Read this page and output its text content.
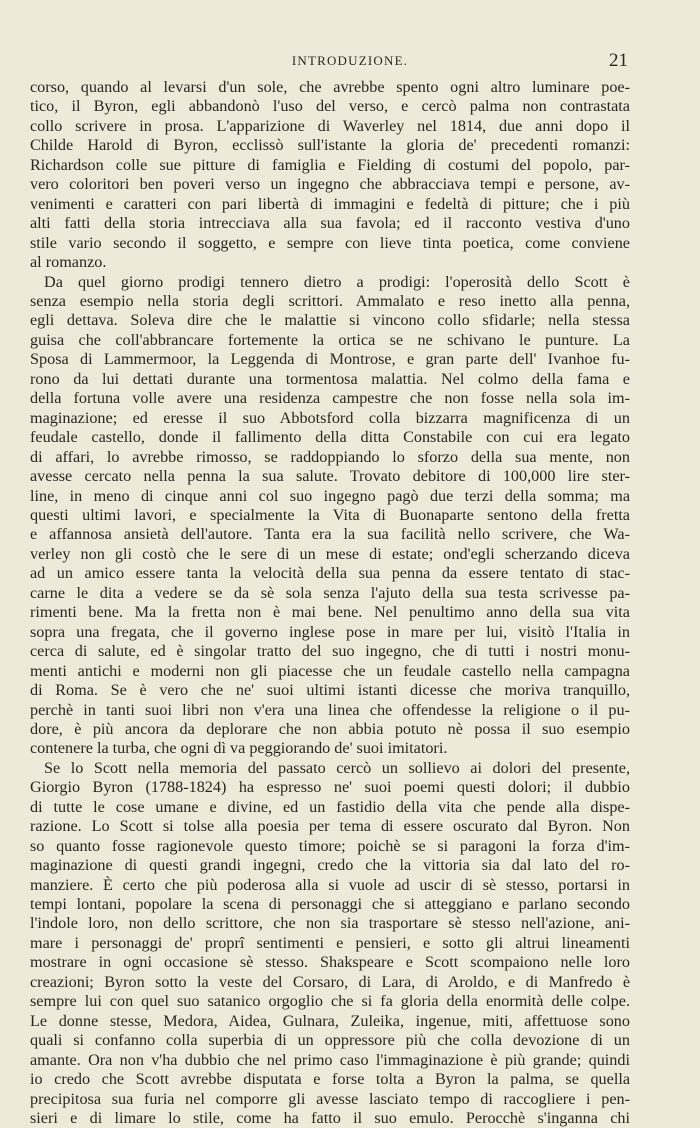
INTRODUZIONE.	21
corso, quando al levarsi d'un sole, che avrebbe spento ogni altro luminare poe-
tico, il Byron, egli abbandonò l'uso del verso, e cercò palma non contrastata
collo scrivere in prosa. L'apparizione di Waverley nel 1814, due anni dopo il
Childe Harold di Byron, ecclissò sull'istante la gloria de' precedenti romanzi:
Richardson colle sue pitture di famiglia e Fielding di costumi del popolo, par-
vero coloritori ben poveri verso un ingegno che abbracciava tempi e persone, av-
venimenti e caratteri con pari libertà di immagini e fedeltà di pitture; che i più
alti fatti della storia intrecciava alla sua favola; ed il racconto vestiva d'uno
stile vario secondo il soggetto, e sempre con lieve tinta poetica, come conviene
al romanzo.
Da quel giorno prodigi tennero dietro a prodigi: l'operosità dello Scott è
senza esempio nella storia degli scrittori. Ammalato e reso inetto alla penna,
egli dettava. Soleva dire che le malattie si vincono collo sfidarle; nella stessa
guisa che coll'abbrancare fortemente la ortica se ne schivano le punture. La
Sposa di Lammermoor, la Leggenda di Montrose, e gran parte dell' Ivanhoe fu-
rono da lui dettati durante una tormentosa malattia. Nel colmo della fama e
della fortuna volle avere una residenza campestre che non fosse nella sola im-
maginazione; ed eresse il suo Abbotsford colla bizzarra magnificenza di un
feudale castello, donde il fallimento della ditta Constabile con cui era legato
di affari, lo avrebbe rimosso, se raddoppiando lo sforzo della sua mente, non
avesse cercato nella penna la sua salute. Trovato debitore di 100,000 lire ster-
line, in meno di cinque anni col suo ingegno pagò due terzi della somma; ma
questi ultimi lavori, e specialmente la Vita di Buonaparte sentono della fretta
e affannosa ansietà dell'autore. Tanta era la sua facilità nello scrivere, che Wa-
verley non gli costò che le sere di un mese di estate; ond'egli scherzando diceva
ad un amico essere tanta la velocità della sua penna da essere tentato di stac-
carne le dita a vedere se da sè sola senza l'ajuto della sua testa scrivesse pa-
rimenti bene. Ma la fretta non è mai bene. Nel penultimo anno della sua vita
sopra una fregata, che il governo inglese pose in mare per lui, visitò l'Italia in
cerca di salute, ed è singolar tratto del suo ingegno, che di tutti i nostri monu-
menti antichi e moderni non gli piacesse che un feudale castello nella campagna
di Roma. Se è vero che ne' suoi ultimi istanti dicesse che moriva tranquillo,
perchè in tanti suoi libri non v'era una linea che offendesse la religione o il pu-
dore, è più ancora da deplorare che non abbia potuto nè possa il suo esempio
contenere la turba, che ogni dì va peggiorando de' suoi imitatori.
Se lo Scott nella memoria del passato cercò un sollievo ai dolori del presente,
Giorgio Byron (1788-1824) ha espresso ne' suoi poemi questi dolori; il dubbio
di tutte le cose umane e divine, ed un fastidio della vita che pende alla dispe-
razione. Lo Scott si tolse alla poesia per tema di essere oscurato dal Byron. Non
so quanto fosse ragionevole questo timore; poichè se si paragoni la forza d'im-
maginazione di questi grandi ingegni, credo che la vittoria sia dal lato del ro-
manziere. È certo che più poderosa alla si vuole ad uscir di sè stesso, portarsi in
tempi lontani, popolare la scena di personaggi che si atteggiano e parlano secondo
l'indole loro, non dello scrittore, che non sia trasportare sè stesso nell'azione, ani-
mare i personaggi de' proprî sentimenti e pensieri, e sotto gli altrui lineamenti
mostrare in ogni occasione sè stesso. Shakspeare e Scott scompaiono nelle loro
creazioni; Byron sotto la veste del Corsaro, di Lara, di Aroldo, e di Manfredo è
sempre lui con quel suo satanico orgoglio che si fa gloria della enormità delle colpe.
Le donne stesse, Medora, Aidea, Gulnara, Zuleika, ingenue, miti, affettuose sono
quali si confanno colla superbia di un oppressore più che colla devozione di un
amante. Ora non v'ha dubbio che nel primo caso l'immaginazione è più grande; quindi
io credo che Scott avrebbe disputata e forse tolta a Byron la palma, se quella
precipitosa sua furia nel comporre gli avesse lasciato tempo di raccogliere i pen-
sieri e di limare lo stile, come ha fatto il suo emulo. Perocchè s'inganna chi
